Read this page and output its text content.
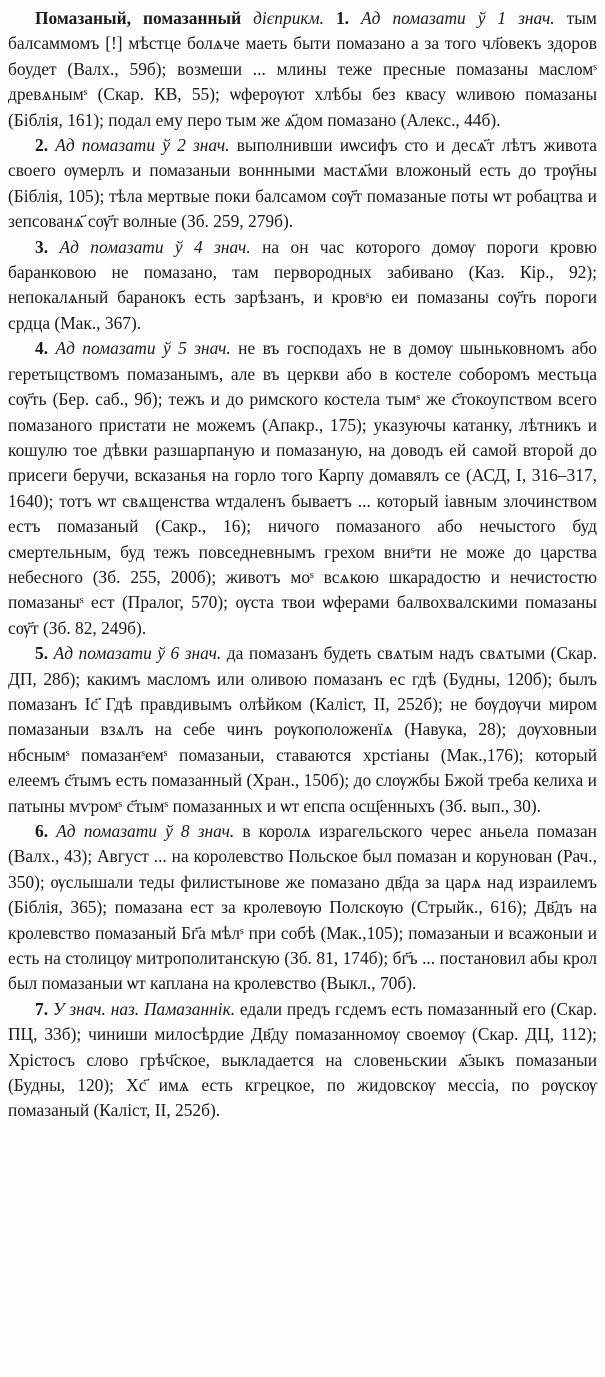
Помазаный, помазанный дієприкм. 1. Ад помазати ў 1 знач. тым балсаммомъ [!] мѣстце болѧче маеть быти помазано а за того чл҃овекъ здоров боудет (Валх., 59б); возмеши ... млины теже пресные помазаны масломˢ древѧнымˢ (Скар. КВ, 55); ѡферѹют хлѣбы без квасу ѡливою помазаны (Біблія, 161); подал ему перо тым же ѧ҃дом помазано (Алекс., 44б).

2. Ад помазати ў 2 знач. выполнивши иѡсифъ сто и десѧ҃т лѣтъ живота своего ѹмерлъ и помазаныи воннными мастѧ҃ми вложоный есть до трѹ҃ны (Біблія, 105); тѣла мертвые поки балсамом сѹ҃т помазаные поты ѡт робацтва и зепсованѧ҃ сѹ҃т волные (Зб. 259, 279б).

3. Ад помазати ў 4 знач. на он час которого домѹ пороги кровю баранковою не помазано, там первородных забивано (Каз. Кір., 92); непокалѧный баранокъ есть зарѣзанъ, и кровˢю еи помазаны сѹ҃ть пороги срдца (Мак., 367).

4. Ад помазати ў 5 знач. не въ господахъ не в домѹ шыньковномъ або геретыцствомъ помазанымъ, але въ церкви або в костеле соборомъ местьца сѹ҃ть (Бер. саб., 9б); тежъ и до римского костела тымˢ же с҃токоупством всего помазаного пристати не можемъ (Апакр., 175); указуючы катанку, лѣтникъ и кошулю тое дѣвки разшарпаную и помазаную, на доводъ ей самой второй до присеги беручи, всказанья на горло того Карпу домавялъ се (АСД, І, 316–317, 1640); тотъ ѡт свѧщенства ѡтдаленъ бываетъ ... который іавным злочинством естъ помазаный (Сакр., 16); ничого помазаного або нечыстого буд смертельным, буд тежъ повседневнымъ грехом вниˢти не може до царства небесного (Зб. 255, 200б); животъ моˢ всѧкою шкарадостю и нечистостю помазаныˢ ест (Пралог, 570); ѹста твои ѡферами балвохвалскими помазаны сѹ҃т (Зб. 82, 249б).

5. Ад помазати ў 6 знач. да помазанъ будеть свѧтым надъ свѧтыми (Скар. ДП, 28б); какимъ масломъ или оливою помазанъ ес гдѣ (Будны, 120б); былъ помазанъ Іс҃ Гдѣ правдивымъ олѣйком (Каліст, ІІ, 252б); не бѹдѹчи миром помазаныи взѧлъ на себе чинъ рѹкоположенїѧ (Навука, 28); дѹховныи нбснымˢ помазанˢемˢ помазаныи, ставаются хрстіаны (Мак.,176); который елеемъ с҃тымъ есть помазанный (Хран., 150б); до слѹжбы Бжой треба келиха и патыны мѵромˢ с҃тымˢ помазанных и ѡт епспа осщ҃енныхъ (Зб. вып., 30).

6. Ад помазати ў 8 знач. в королѧ израгельского черес аньела помазан (Валх., 43); Август ... на королевство Польское был помазан и корунован (Рач., 350); ѹслышали теды филистынове же помазано дв҃да за царѧ над израилемъ (Біблія, 365); помазана ест за кролевѹю Полскѹю (Стрыйк., 616); Дв҃дъ на кролевство помазаный Бг҃а мѣлˢ при собѣ (Мак.,105); помазаныи и всажоныи и есть на столицѹ митрополитанскую (Зб. 81, 174б); бг҃ъ ... постановил абы крол был помазаныи ѡт каплана на кролевство (Выкл., 70б).

7. У знач. наз. Памазаннік. едали предъ гсдемъ есть помазанный его (Скар. ПЦ, 33б); чиниши милосѣрдие Дв҃ду помазанномѹ своемѹ (Скар. ДЦ, 112); Хрістосъ слово грѣч҃ское, выкладается на словеньскии ѧ҃зыкъ помазаныи (Будны, 120); Хс҃ имѧ есть кгрецкое, по жидовскѹ мессіа, по рѹскѹ помазаный (Каліст, ІІ, 252б).
